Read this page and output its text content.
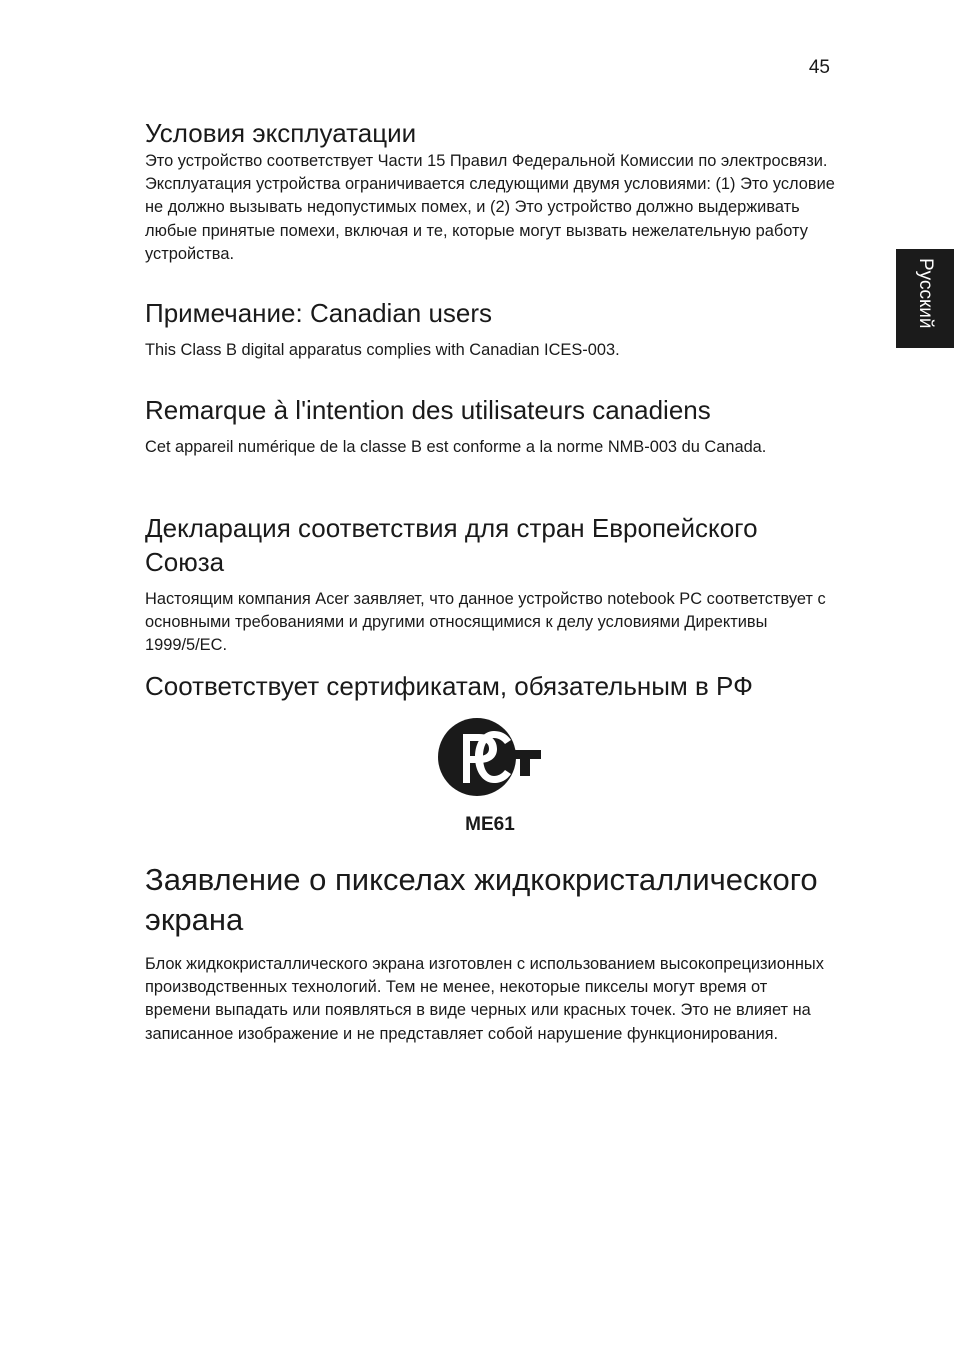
45
Русский
Условия эксплуатации

Это устройство соответствует Части 15 Правил Федеральной Комиссии по электросвязи. Эксплуатация устройства ограничивается следующими двумя условиями: (1) Это условие не должно вызывать недопустимых помех, и (2) Это устройство должно выдерживать любые принятые помехи, включая и те, которые могут вызвать нежелательную работу устройства.

Примечание: Canadian users

This Class B digital apparatus complies with Canadian ICES-003.

Remarque à l'intention des utilisateurs canadiens

Cet appareil numérique de la classe B est conforme a la norme NMB-003 du Canada.

Декларация соответствия для стран Европейского Союза

Настоящим компания Acer заявляет, что данное устройство notebook PC соответствует с основными требованиями и другими относящимися к делу условиями Директивы 1999/5/EC.

Соответствует сертификатам, обязательным в РФ
Заявление о пикселах жидкокристаллического экрана

Блок жидкокристаллического экрана изготовлен с использованием высокопрецизионных производственных технологий. Тем не менее, некоторые пикселы могут время от времени выпадать или появляться в виде черных или красных точек. Это не влияет на записанное изображение и не представляет собой нарушение функционирования.

ME61
